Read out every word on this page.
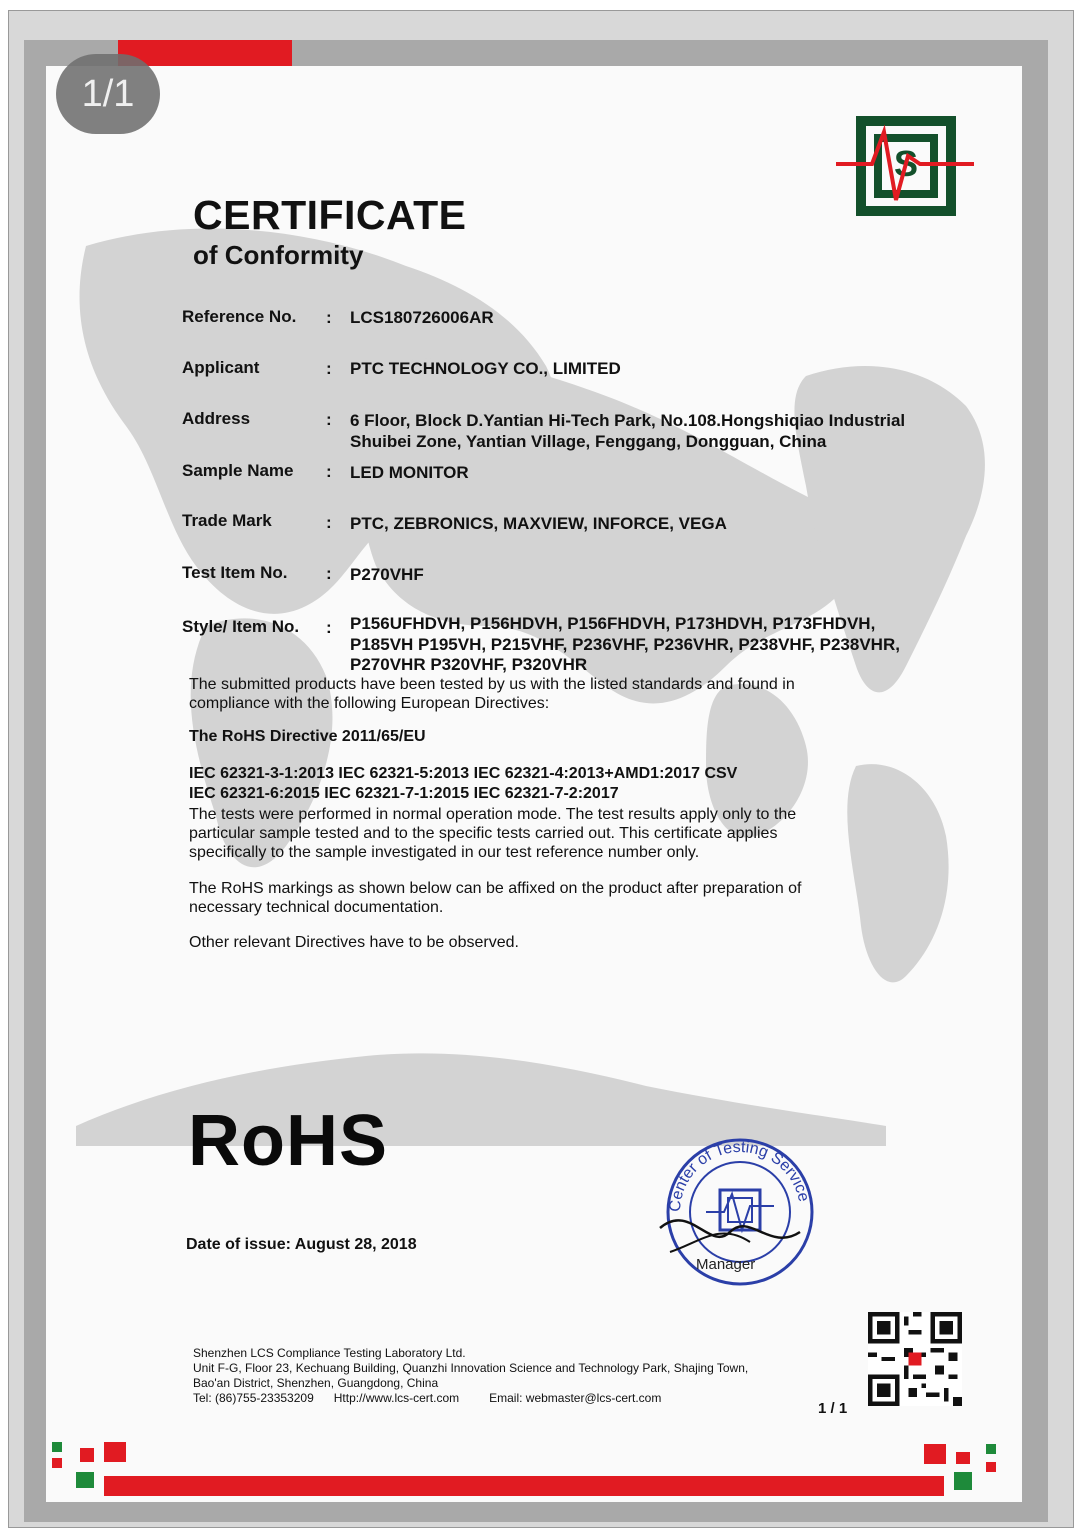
1/1
S
CERTIFICATE
of Conformity
Reference No. : LCS180726006AR
Applicant	: PTC TECHNOLOGY CO., LIMITED
Address	: 6 Floor, Block D.Yantian Hi-Tech Park, No.108.Hongshiqiao Industrial
Shuibei Zone, Yantian Village, Fenggang, Dongguan, China
Sample Name : LED MONITOR
Trade Mark	: PTC, ZEBRONICS, MAXVIEW, INFORCE, VEGA
Test Item No. : P270VHF
Style/ Item No. : P156UFHDVH, P156HDVH, P156FHDVH, P173HDVH, P173FHDVH,
P185VH P195VH, P215VHF, P236VHF, P236VHR, P238VHF, P238VHR,
P270VHR P320VHF, P320VHR
The submitted products have been tested by us with the listed standards and found in
compliance with the following European Directives:
The RoHS Directive 2011/65/EU
IEC 62321-3-1:2013 IEC 62321-5:2013 IEC 62321-4:2013+AMD1:2017 CSV
IEC 62321-6:2015 IEC 62321-7-1:2015 IEC 62321-7-2:2017
The tests were performed in normal operation mode. The test results apply only to the
particular sample tested and to the specific tests carried out. This certificate applies
specifically to the sample investigated in our test reference number only.
The RoHS markings as shown below can be affixed on the product after preparation of
necessary technical documentation.
Other relevant Directives have to be observed.
RoHS
Date of issue: August 28, 2018
Center of Testing Service
Manager
Shenzhen LCS Compliance Testing Laboratory Ltd.
Unit F-G, Floor 23, Kechuang Building, Quanzhi Innovation Science and Technology Park, Shajing Town,
Bao'an District, Shenzhen, Guangdong, China
Tel: (86)755-23353209      Http://www.lcs-cert.com         Email: webmaster@lcs-cert.com
1 / 1
